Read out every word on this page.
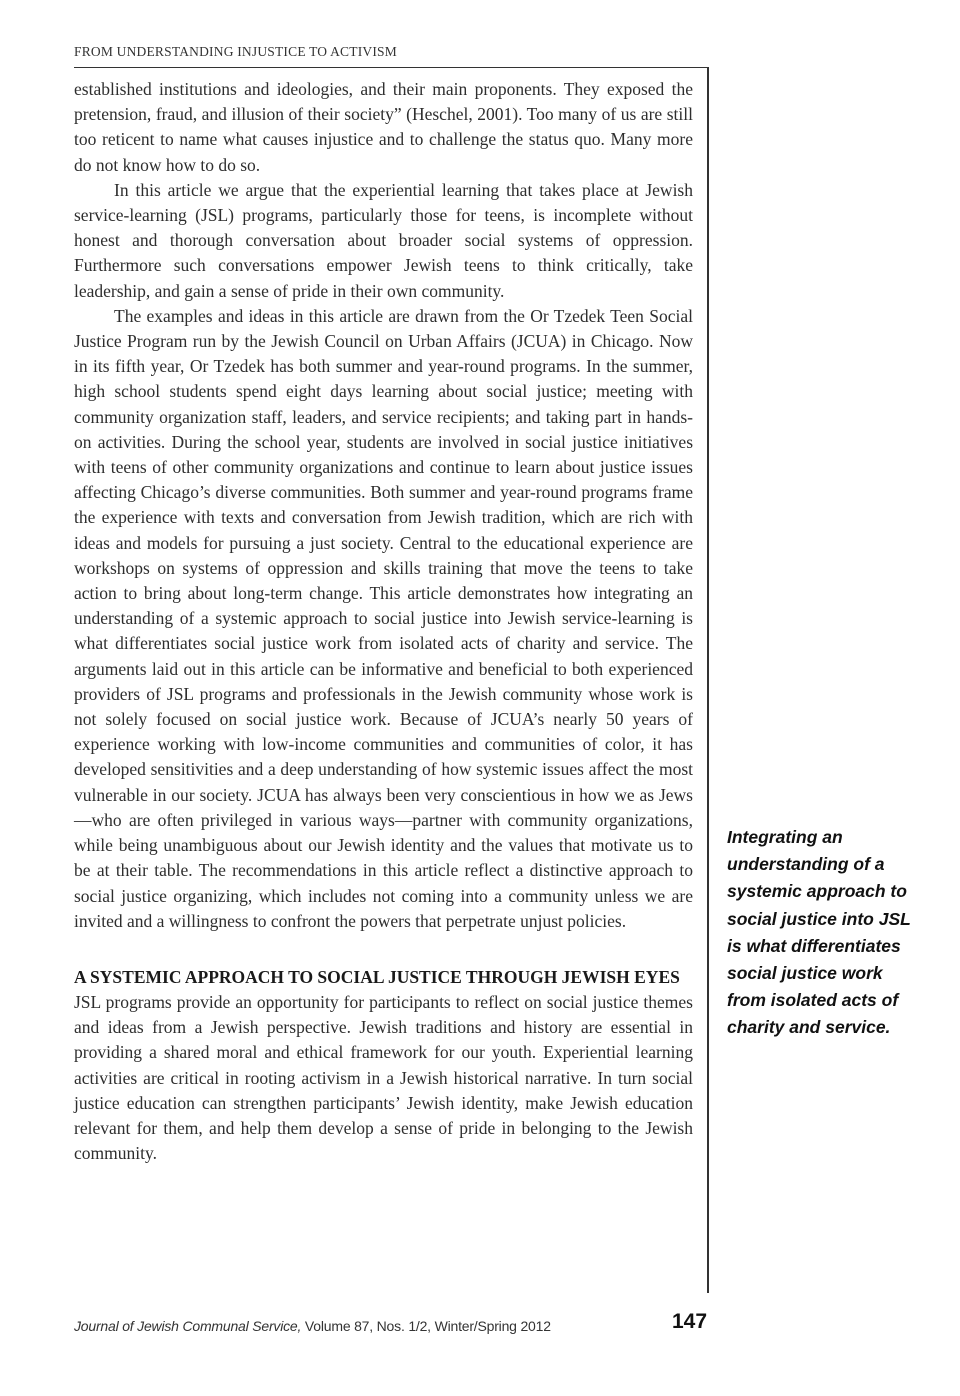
FROM UNDERSTANDING INJUSTICE TO ACTIVISM

established institutions and ideologies, and their main proponents. They exposed the pretension, fraud, and illusion of their society” (Heschel, 2001). Too many of us are still too reticent to name what causes injustice and to challenge the status quo. Many more do not know how to do so.

In this article we argue that the experiential learning that takes place at Jewish service-learning (JSL) programs, particularly those for teens, is incomplete without honest and thorough conversation about broader social systems of oppression. Furthermore such conversations empower Jewish teens to think critically, take leadership, and gain a sense of pride in their own community.

The examples and ideas in this article are drawn from the Or Tzedek Teen Social Justice Program run by the Jewish Council on Urban Affairs (JCUA) in Chicago. Now in its fifth year, Or Tzedek has both summer and year-round programs. In the summer, high school students spend eight days learning about social justice; meeting with community organization staff, leaders, and service recipients; and taking part in hands-on activities. During the school year, students are involved in social justice initiatives with teens of other community organizations and continue to learn about justice issues affecting Chicago’s diverse communities. Both summer and year-round programs frame the experience with texts and conversation from Jewish tradition, which are rich with ideas and models for pursuing a just society. Central to the educational experience are workshops on systems of oppression and skills training that move the teens to take action to bring about long-term change. This article demonstrates how integrating an understanding of a systemic approach to social justice into Jewish service-learning is what differentiates social justice work from isolated acts of charity and service. The arguments laid out in this article can be informative and beneficial to both experienced providers of JSL programs and professionals in the Jewish community whose work is not solely focused on social justice work. Because of JCUA’s nearly 50 years of experience working with low-income communities and communities of color, it has developed sensitivities and a deep understanding of how systemic issues affect the most vulnerable in our society. JCUA has always been very conscientious in how we as Jews—who are often privileged in various ways—partner with community organizations, while being unambiguous about our Jewish identity and the values that motivate us to be at their table. The recommendations in this article reflect a distinctive approach to social justice organizing, which includes not coming into a community unless we are invited and a willingness to confront the powers that perpetrate unjust policies.

A SYSTEMIC APPROACH TO SOCIAL JUSTICE THROUGH JEWISH EYES

JSL programs provide an opportunity for participants to reflect on social justice themes and ideas from a Jewish perspective. Jewish traditions and history are essential in providing a shared moral and ethical framework for our youth. Experiential learning activities are critical in rooting activism in a Jewish historical narrative. In turn social justice education can strengthen participants’ Jewish identity, make Jewish education relevant for them, and help them develop a sense of pride in belonging to the Jewish community.

Integrating an understanding of a systemic approach to social justice into JSL is what differentiates social justice work from isolated acts of charity and service.
Journal of Jewish Communal Service, Volume 87, Nos. 1/2, Winter/Spring 2012	147
